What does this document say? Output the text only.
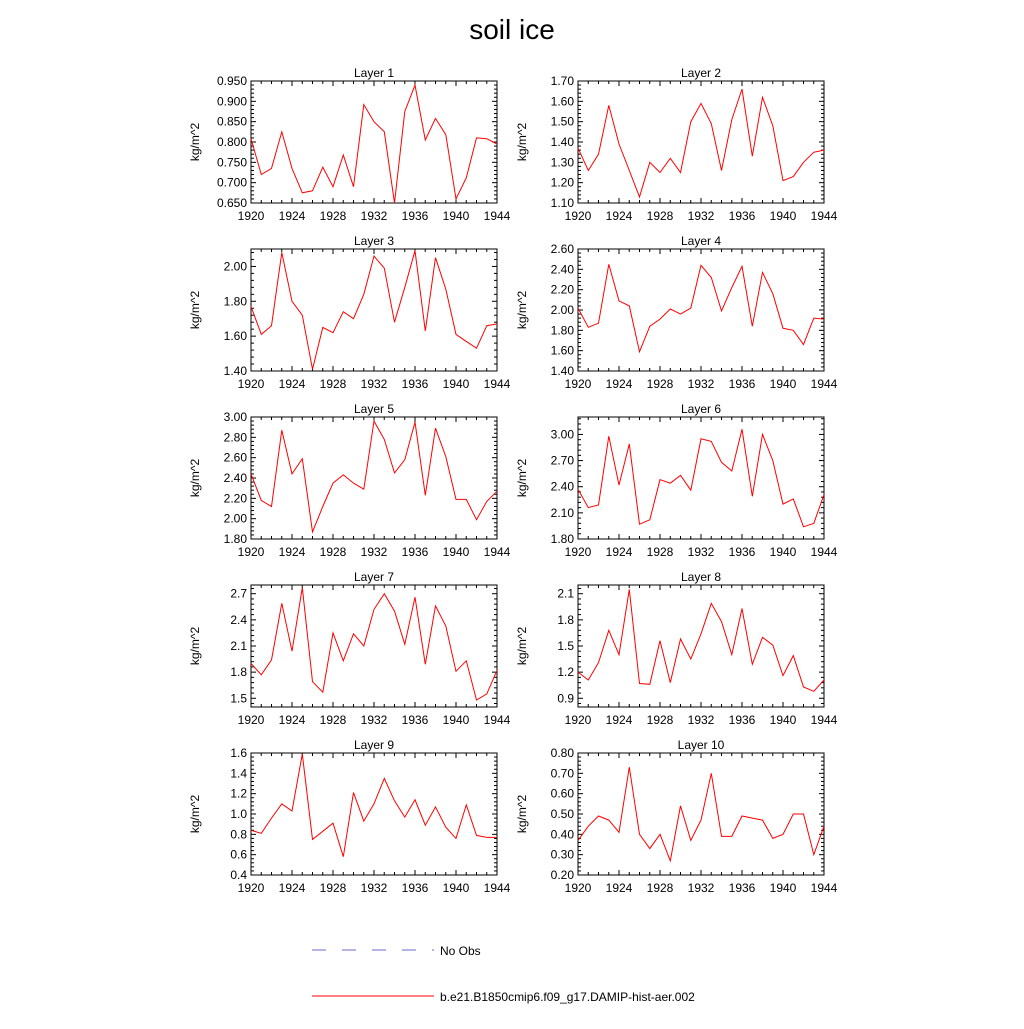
soil ice
Layer 1
kg/m^2
1920 1924 1928 1932 1936 1940 1944
0.650
0.700
0.750
0.800
0.850
0.900
0.950
Layer 2
kg/m^2
1920 1924 1928 1932 1936 1940 1944
1.10
1.20
1.30
1.40
1.50
1.60
1.70
Layer 3
kg/m^2
1920 1924 1928 1932 1936 1940 1944
1.40
1.60
1.80
2.00
Layer 4
kg/m^2
1920 1924 1928 1932 1936 1940 1944
1.40
1.60
1.80
2.00
2.20
2.40
2.60
Layer 5
kg/m^2
1920 1924 1928 1932 1936 1940 1944
1.80
2.00
2.20
2.40
2.60
2.80
3.00
Layer 6
kg/m^2
1920 1924 1928 1932 1936 1940 1944
1.80
2.10
2.40
2.70
3.00
Layer 7
kg/m^2
1920 1924 1928 1932 1936 1940 1944
1.5
1.8
2.1
2.4
2.7
Layer 8
kg/m^2
1920 1924 1928 1932 1936 1940 1944
0.9
1.2
1.5
1.8
2.1
Layer 9
kg/m^2
1920 1924 1928 1932 1936 1940 1944
0.4
0.6
0.8
1.0
1.2
1.4
1.6
Layer 10
kg/m^2
1920 1924 1928 1932 1936 1940 1944
0.20
0.30
0.40
0.50
0.60
0.70
0.80
No Obs
b.e21.B1850cmip6.f09_g17.DAMIP-hist-aer.002
